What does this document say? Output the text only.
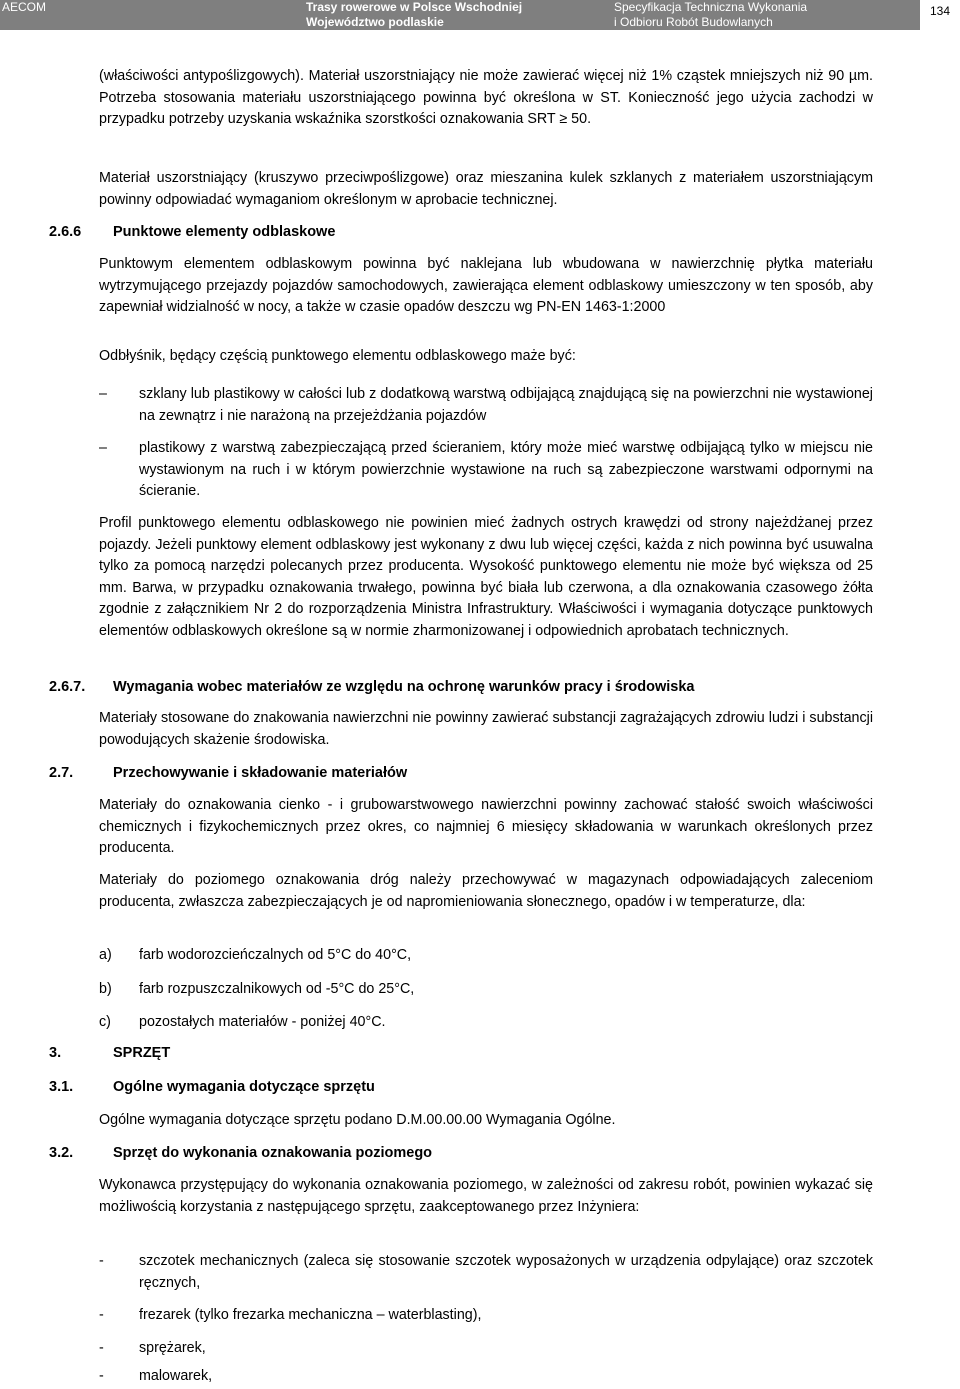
AECOM	Trasy rowerowe w Polsce Wschodniej
Województwo podlaskie
Specyfikacja Techniczna Wykonania
i Odbioru Robót Budowlanych
134
(właściwości antypoślizgowych). Materiał uszorstniający nie może zawierać więcej niż 1% cząstek mniejszych niż 90 µm. Potrzeba stosowania materiału uszorstniającego powinna być określona w ST. Konieczność jego użycia zachodzi w przypadku potrzeby uzyskania wskaźnika szorstkości oznakowania SRT ≥ 50.
Materiał uszorstniający (kruszywo przeciwpoślizgowe) oraz mieszanina kulek szklanych z materiałem uszorstniającym powinny odpowiadać wymaganiom określonym w aprobacie technicznej.
2.6.6 Punktowe elementy odblaskowe
Punktowym elementem odblaskowym powinna być naklejana lub wbudowana w nawierzchnię płytka materiału wytrzymującego przejazdy pojazdów samochodowych, zawierająca element odblaskowy umieszczony w ten sposób, aby zapewniał widzialność w nocy, a także w czasie opadów deszczu wg PN-EN 1463-1:2000
Odbłyśnik, będący częścią punktowego elementu odblaskowego maże być:
– szklany lub plastikowy w całości lub z dodatkową warstwą odbijającą znajdującą się na powierzchni nie wystawionej na zewnątrz i nie narażoną na przejeżdżania pojazdów
– plastikowy z warstwą zabezpieczającą przed ścieraniem, który może mieć warstwę odbijającą tylko w miejscu nie wystawionym na ruch i w którym powierzchnie wystawione na ruch są zabezpieczone warstwami odpornymi na ścieranie.
Profil punktowego elementu odblaskowego nie powinien mieć żadnych ostrych krawędzi od strony najeżdżanej przez pojazdy. Jeżeli punktowy element odblaskowy jest wykonany z dwu lub więcej części, każda z nich powinna być usuwalna tylko za pomocą narzędzi polecanych przez producenta. Wysokość punktowego elementu nie może być większa od 25 mm. Barwa, w przypadku oznakowania trwałego, powinna być biała lub czerwona, a dla oznakowania czasowego żółta zgodnie z załącznikiem Nr 2 do rozporządzenia Ministra Infrastruktury. Właściwości i wymagania dotyczące punktowych elementów odblaskowych określone są w normie zharmonizowanej i odpowiednich aprobatach technicznych.
2.6.7. Wymagania wobec materiałów ze względu na ochronę warunków pracy i środowiska
Materiały stosowane do znakowania nawierzchni nie powinny zawierać substancji zagrażających zdrowiu ludzi i substancji powodujących skażenie środowiska.
2.7.	Przechowywanie i składowanie materiałów
Materiały do oznakowania cienko - i grubowarstwowego nawierzchni powinny zachować stałość swoich właściwości chemicznych i fizykochemicznych przez okres, co najmniej 6 miesięcy składowania w warunkach określonych przez producenta.
Materiały do poziomego oznakowania dróg należy przechowywać w magazynach odpowiadających zaleceniom producenta, zwłaszcza zabezpieczających je od napromieniowania słonecznego, opadów i w temperaturze, dla:
a) farb wodorozcieńczalnych od 5°C do 40°C,
b) farb rozpuszczalnikowych od -5°C do 25°C,
c) pozostałych materiałów - poniżej 40°C.
3.	SPRZĘT
3.1.	Ogólne wymagania dotyczące sprzętu
Ogólne wymagania dotyczące sprzętu podano D.M.00.00.00 Wymagania Ogólne.
3.2.	Sprzęt do wykonania oznakowania poziomego
Wykonawca przystępujący do wykonania oznakowania poziomego, w zależności od zakresu robót, powinien wykazać się możliwością korzystania z następującego sprzętu, zaakceptowanego przez Inżyniera:
- szczotek mechanicznych (zaleca się stosowanie szczotek wyposażonych w urządzenia odpylające) oraz szczotek ręcznych,
- frezarek (tylko frezarka mechaniczna – waterblasting),
- sprężarek,
- malowarek,
